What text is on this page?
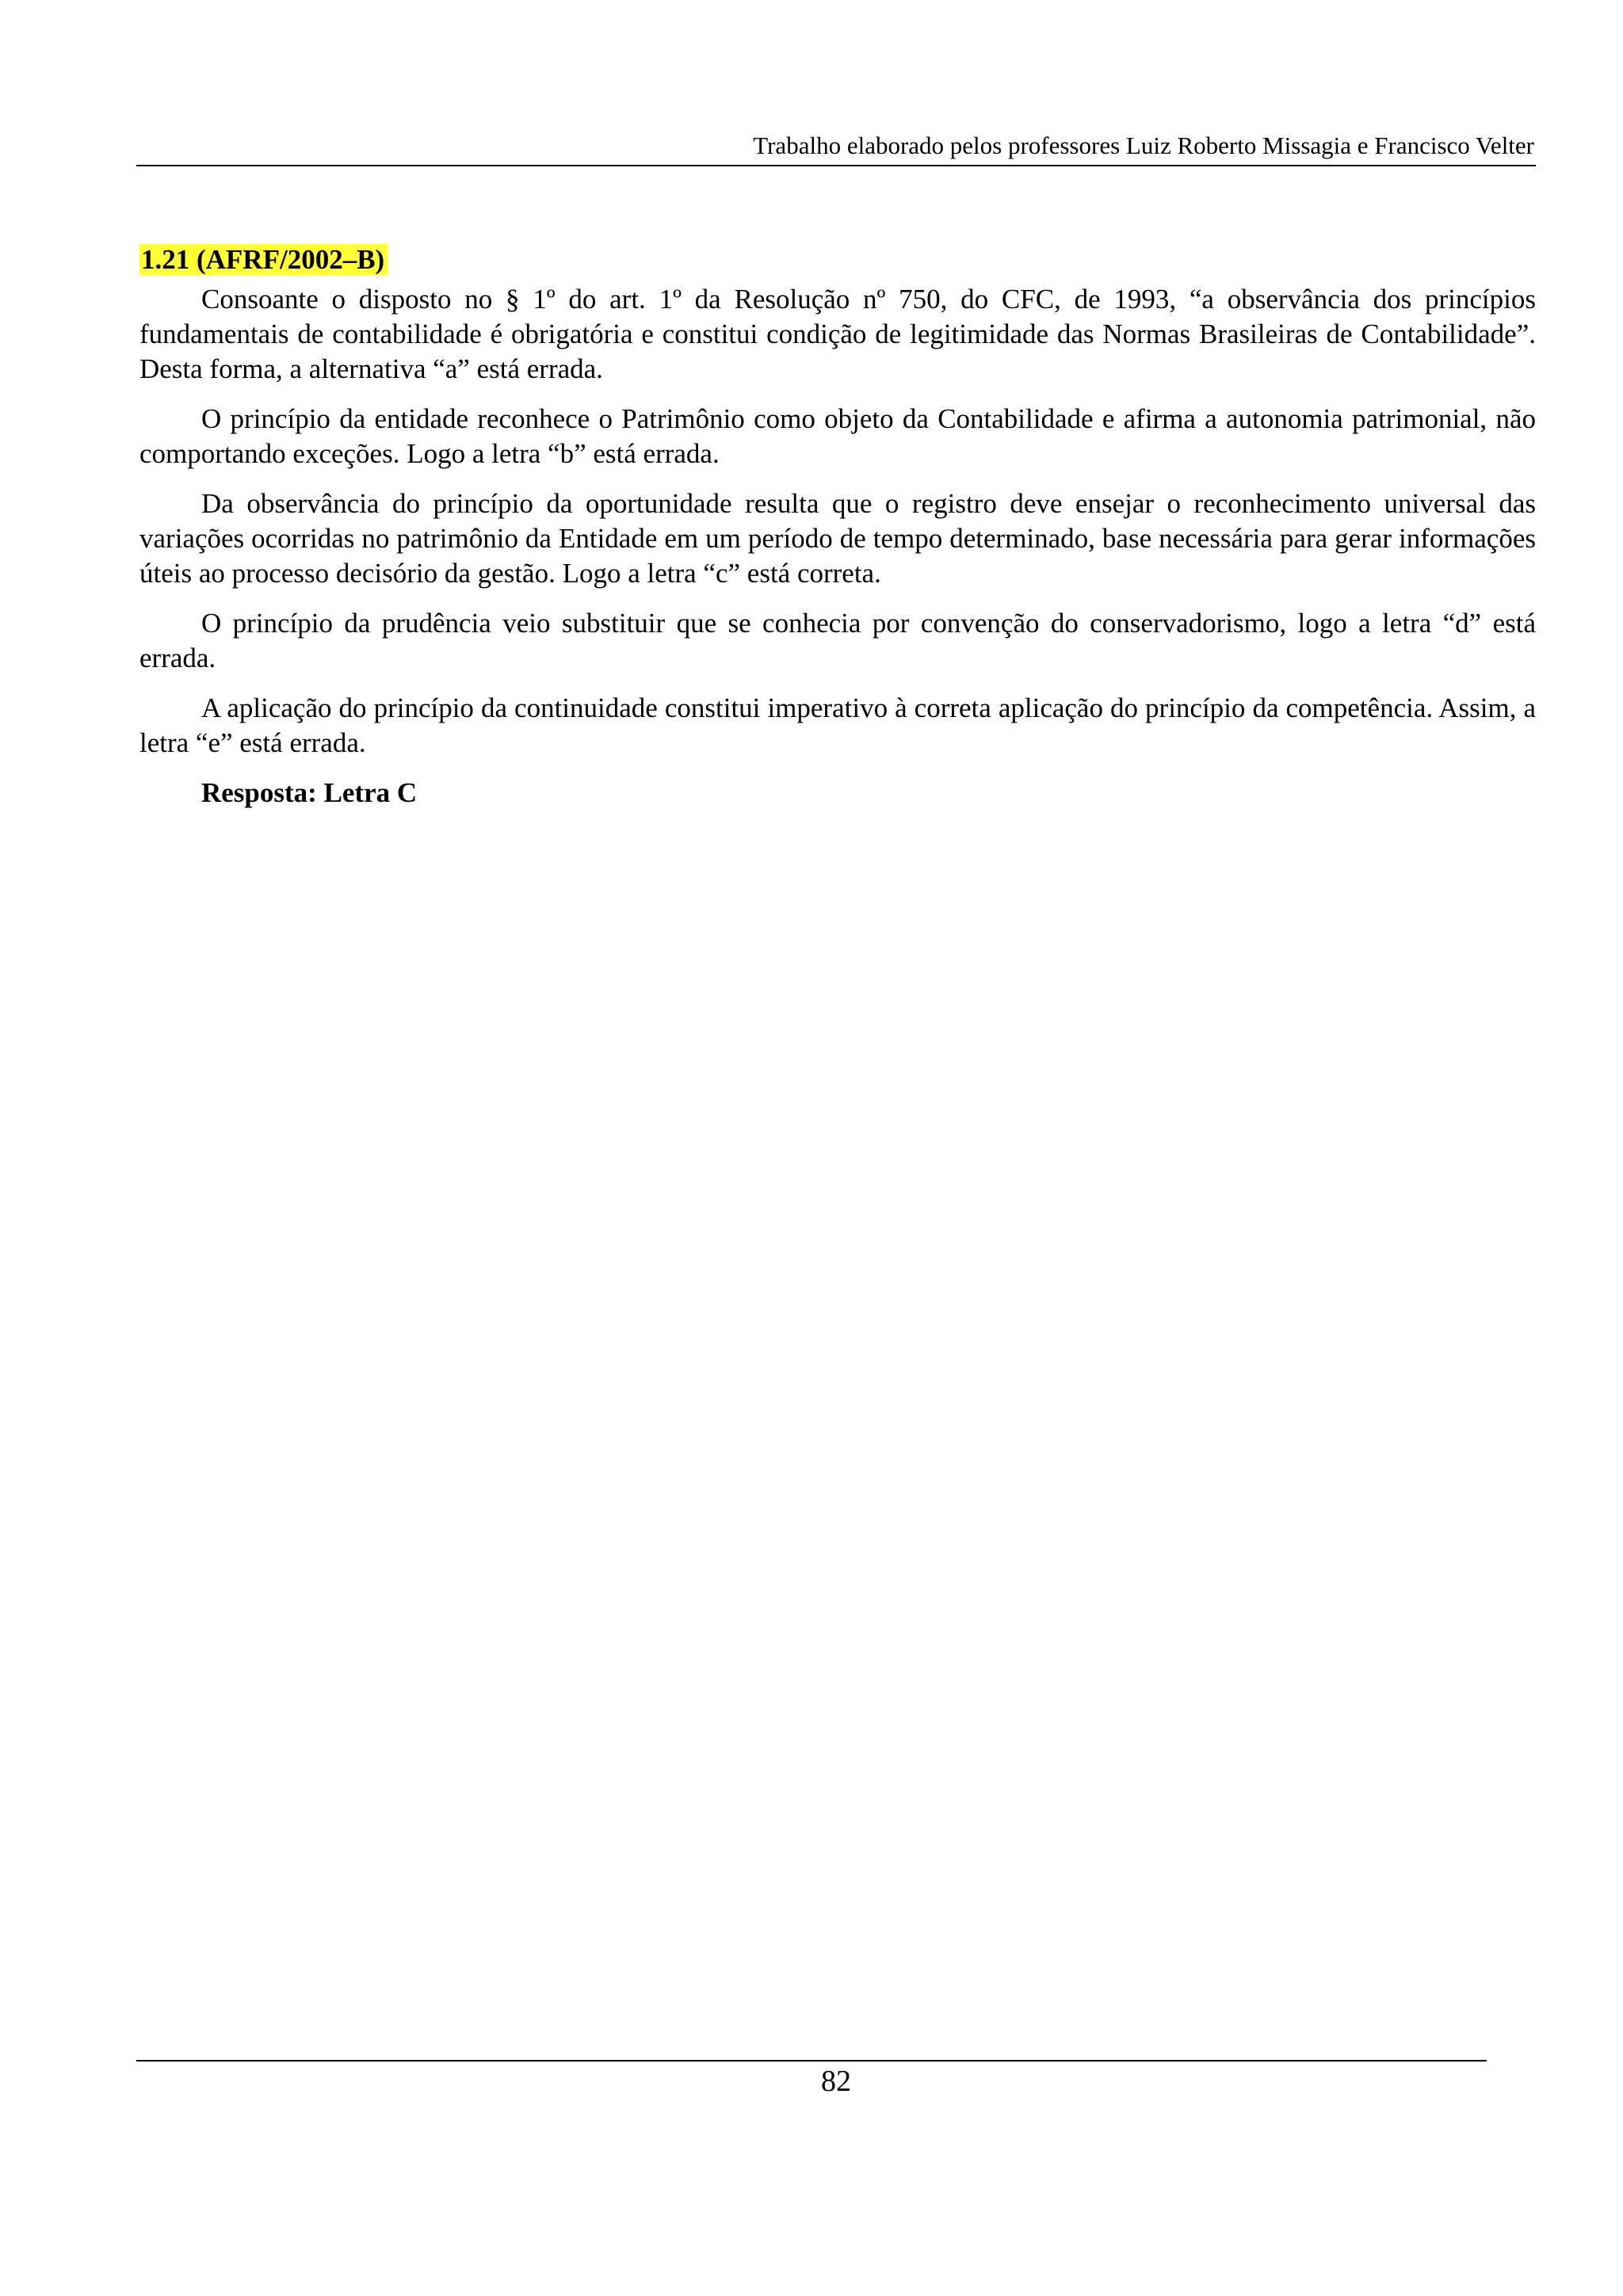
Trabalho elaborado pelos professores Luiz Roberto Missagia e Francisco Velter
1.21 (AFRF/2002–B)

Consoante o disposto no § 1º do art. 1º da Resolução nº 750, do CFC, de 1993, “a observância dos princípios fundamentais de contabilidade é obrigatória e constitui condição de legitimidade das Normas Brasileiras de Contabilidade”. Desta forma, a alternativa “a” está errada.

O princípio da entidade reconhece o Patrimônio como objeto da Contabilidade e afirma a autonomia patrimonial, não comportando exceções. Logo a letra “b” está errada.

Da observância do princípio da oportunidade resulta que o registro deve ensejar o reconhecimento universal das variações ocorridas no patrimônio da Entidade em um período de tempo determinado, base necessária para gerar informações úteis ao processo decisório da gestão. Logo a letra “c” está correta.

O princípio da prudência veio substituir que se conhecia por convenção do conservadorismo, logo a letra “d” está errada.

A aplicação do princípio da continuidade constitui imperativo à correta aplicação do princípio da competência. Assim, a letra “e” está errada.

Resposta: Letra C

82
